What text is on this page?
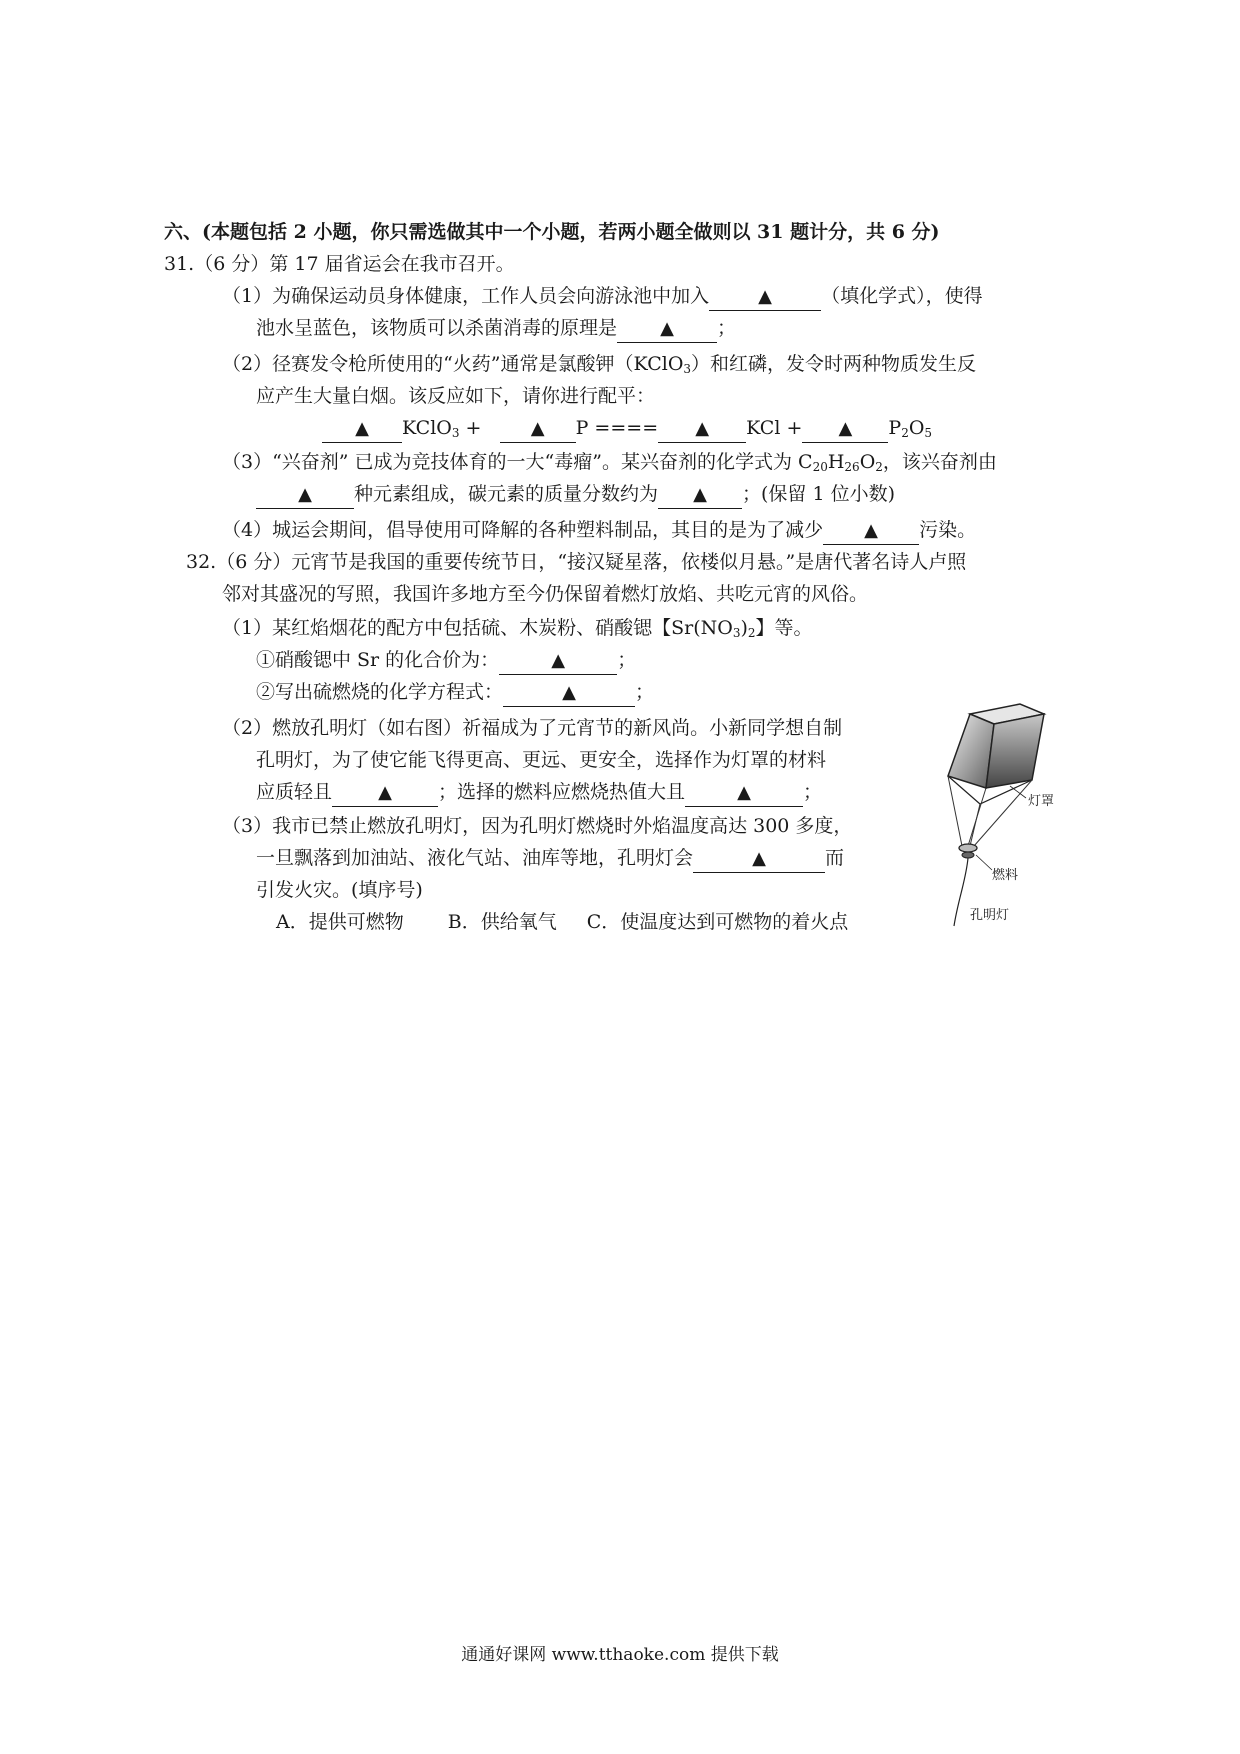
六、(本题包括 2 小题，你只需选做其中一个小题，若两小题全做则以 31 题计分，共 6 分)
31.（6 分）第 17 届省运会在我市召开。
（1）为确保运动员身体健康，工作人员会向游泳池中加入	▲	（填化学式），使得
池水呈蓝色，该物质可以杀菌消毒的原理是 ▲ ；
（2）径赛发令枪所使用的“火药”通常是氯酸钾（KClO$_3$）和红磷，发令时两种物质发生反
应产生大量白烟。该反应如下，请你进行配平：
▲ KClO$_3$ +	▲ P ==== ▲ KCl + ▲ $P_2O_5$
（3）“兴奋剂” 已成为竞技体育的一大“毒瘤”。某兴奋剂的化学式为 $C_{20}H_{26}O_2$，该兴奋剂由
▲ 种元素组成，碳元素的质量分数约为 ▲ ；(保留 1 位小数)
（4）城运会期间，倡导使用可降解的各种塑料制品，其目的是为了减少 ▲ 污染。
32.（6 分）元宵节是我国的重要传统节日，“接汉疑星落，依楼似月悬。”是唐代著名诗人卢照
邻对其盛况的写照，我国许多地方至今仍保留着燃灯放焰、共吃元宵的风俗。
（1）某红焰烟花的配方中包括硫、木炭粉、硝酸锶【$Sr(NO_3)_2$】等。
①硝酸锶中 Sr 的化合价为：	▲	；
②写出硫燃烧的化学方程式：	▲	；
（2）燃放孔明灯（如右图）祈福成为了元宵节的新风尚。小新同学想自制
孔明灯，为了使它能飞得更高、更远、更安全，选择作为灯罩的材料
应质轻且	▲ ；选择的燃料应燃烧热值大且	▲	；
（3）我市已禁止燃放孔明灯，因为孔明灯燃烧时外焰温度高达 300 多度，
一旦飘落到加油站、液化气站、油库等地，孔明灯会	▲	而
引发火灾。(填序号)
A．提供可燃物 B．供给氧气 C．使温度达到可燃物的着火点
灯罩
燃料
孔明灯
通通好课网 www.tthaoke.com 提供下载
